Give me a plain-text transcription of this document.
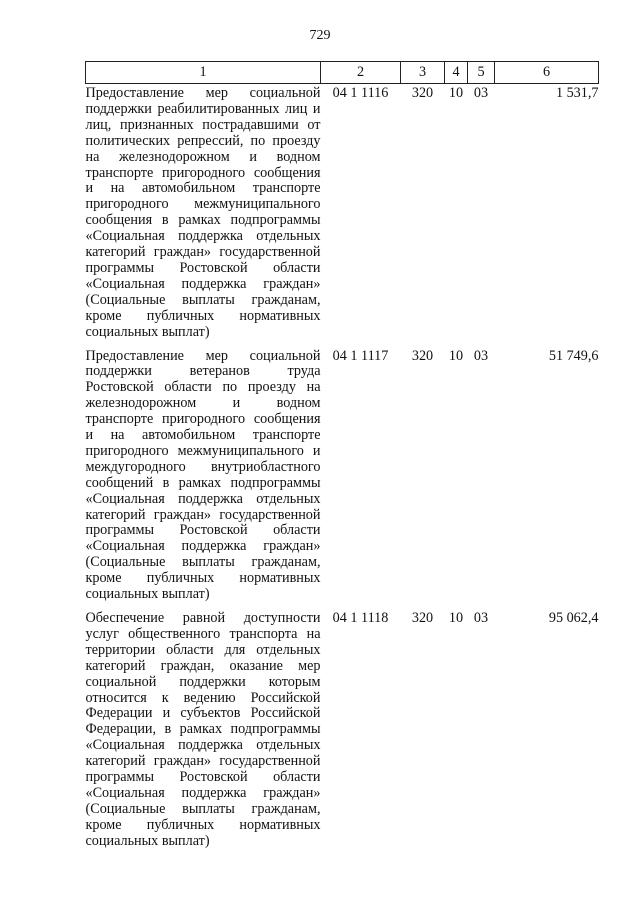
729
1	2	3	4	5	6
Предоставление мер социальной поддержки реабилитированных лиц и лиц, признанных пострадавшими от политических репрессий, по проезду на железнодорожном и водном транспорте пригородного сообщения и на автомобильном транспорте пригородного межмуниципального сообщения в рамках подпрограммы «Социальная поддержка отдельных категорий граждан» государственной программы Ростовской области «Социальная поддержка граждан» (Социальные выплаты гражданам, кроме публичных нормативных социальных выплат)	04 1 1116	320	10	03	1 531,7
Предоставление мер социальной поддержки ветеранов труда Ростовской области по проезду на железнодорожном и водном транспорте пригородного сообщения и на автомобильном транспорте пригородного межмуниципального и междугородного внутриобластного сообщений в рамках подпрограммы «Социальная поддержка отдельных категорий граждан» государственной программы Ростовской области «Социальная поддержка граждан» (Социальные выплаты гражданам, кроме публичных нормативных социальных выплат)	04 1 1117	320	10	03	51 749,6
Обеспечение равной доступности услуг общественного транспорта на территории области для отдельных категорий граждан, оказание мер социальной поддержки которым относится к ведению Российской Федерации и субъектов Российской Федерации, в рамках подпрограммы «Социальная поддержка отдельных категорий граждан» государственной программы Ростовской области «Социальная поддержка граждан» (Социальные выплаты гражданам, кроме публичных нормативных социальных выплат)	04 1 1118	320	10	03	95 062,4
